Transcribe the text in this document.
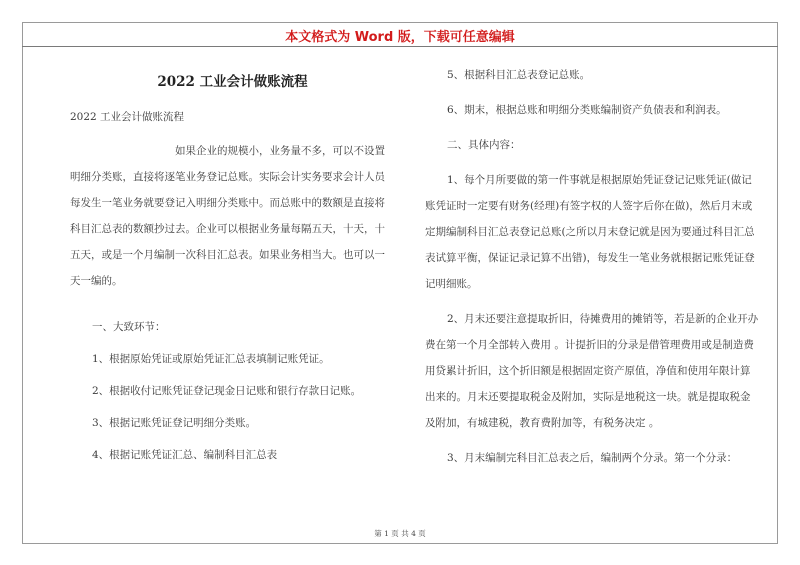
本文格式为 Word 版，下载可任意编辑
2022 工业会计做账流程

2022 工业会计做账流程

如果企业的规模小，业务量不多，可以不设置明细分类账，直接将逐笔业务登记总账。实际会计实务要求会计人员每发生一笔业务就要登记入明细分类账中。而总账中的数额是直接将科目汇总表的数额抄过去。企业可以根据业务量每隔五天，十天，十五天，或是一个月编制一次科目汇总表。如果业务相当大。也可以一天一编的。

一、大致环节：

1、根据原始凭证或原始凭证汇总表填制记账凭证。

2、根据收付记账凭证登记现金日记账和银行存款日记账。

3、根据记账凭证登记明细分类账。

4、根据记账凭证汇总、编制科目汇总表

5、根据科目汇总表登记总账。

6、期末，根据总账和明细分类账编制资产负债表和利润表。

二、具体内容：

1、每个月所要做的第一件事就是根据原始凭证登记记账凭证(做记账凭证时一定要有财务(经理)有签字权的人签字后你在做)，然后月末或定期编制科目汇总表登记总账(之所以月末登记就是因为要通过科目汇总表试算平衡，保证记录记算不出错)，每发生一笔业务就根据记账凭证登记明细账。

2、月末还要注意提取折旧，待摊费用的摊销等，若是新的企业开办费在第一个月全部转入费用 。计提折旧的分录是借管理费用或是制造费用贷累计折旧，这个折旧额是根据固定资产原值，净值和使用年限计算出来的。月末还要提取税金及附加，实际是地税这一块。就是提取税金及附加，有城建税，教育费附加等，有税务决定 。

3、月末编制完科目汇总表之后，编制两个分录。第一个分录：

第 1 页 共 4 页
